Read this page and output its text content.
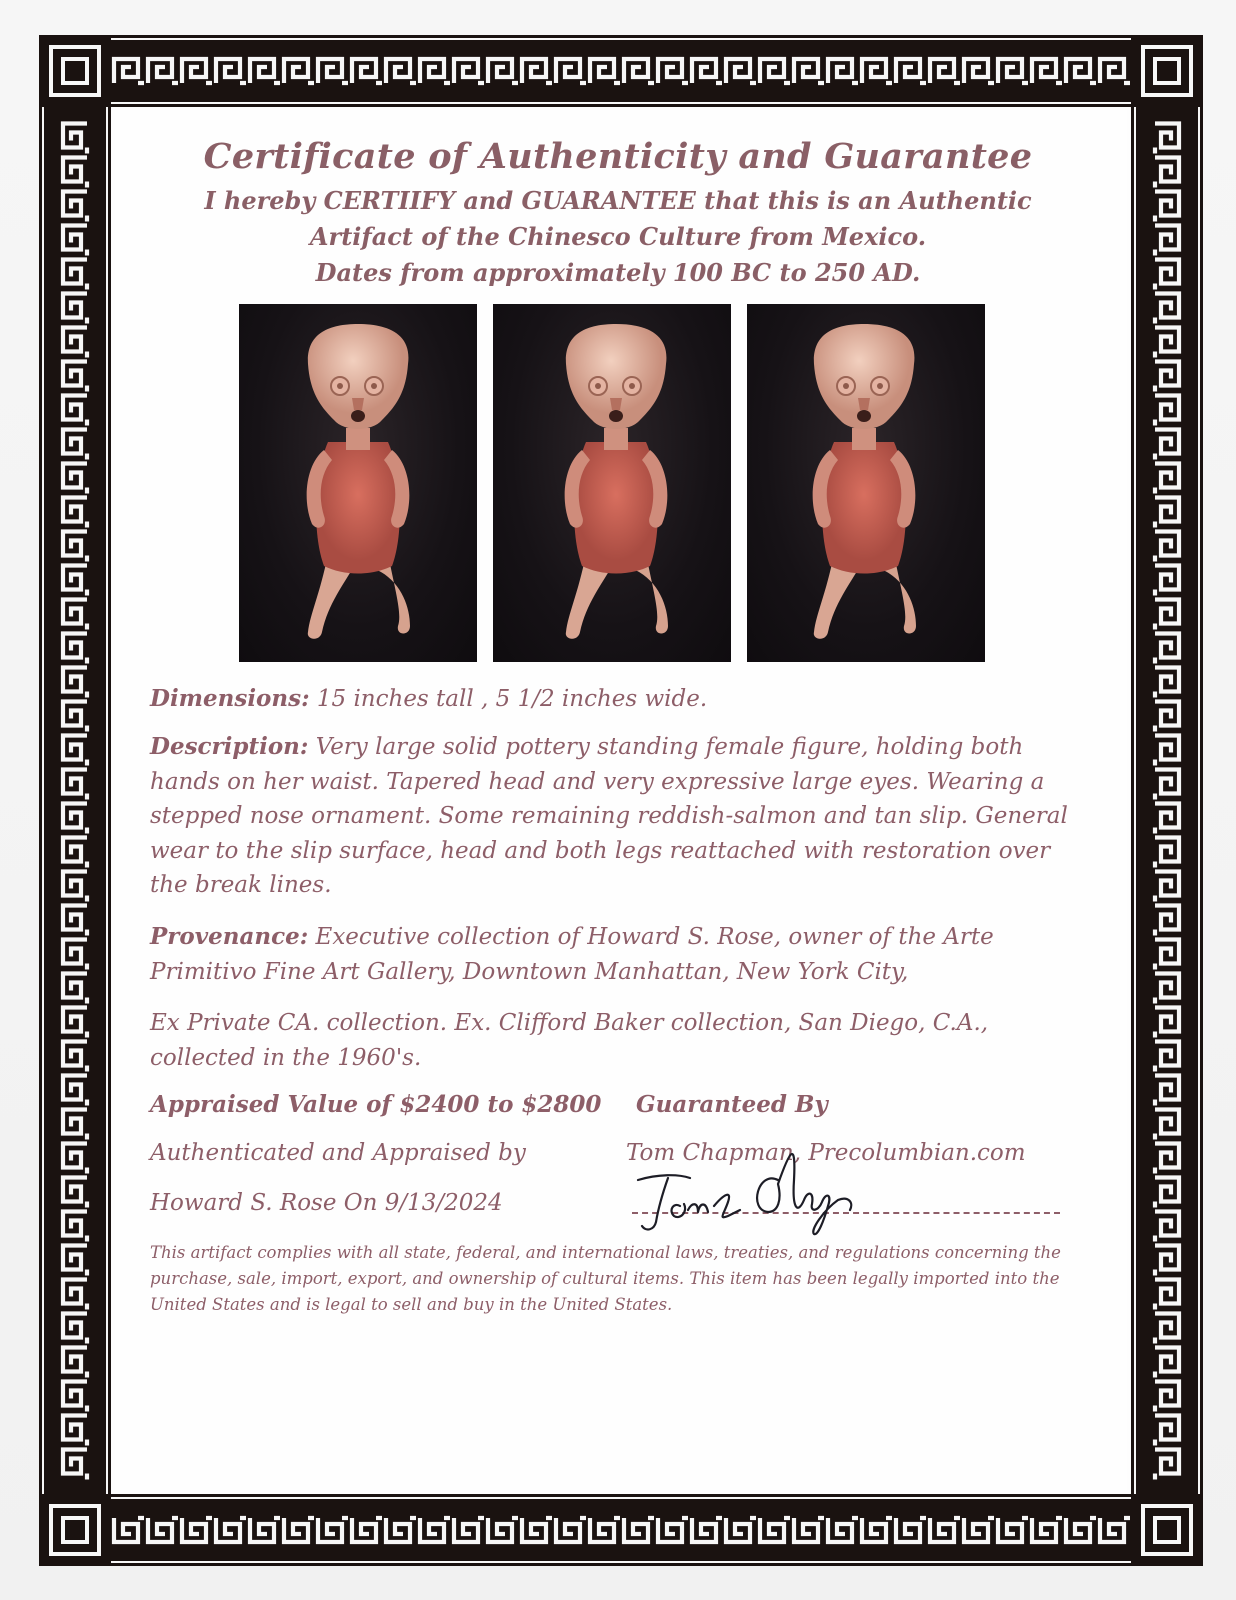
Certificate of Authenticity and Guarantee
I hereby CERTIIFY and GUARANTEE that this is an Authentic
Artifact of the Chinesco Culture from Mexico.
Dates from approximately 100 BC to 250 AD.
Dimensions: 15 inches tall , 5 1/2 inches wide.
Description: Very large solid pottery standing female figure, holding both hands on her waist. Tapered head and very expressive large eyes. Wearing a stepped nose ornament. Some remaining reddish-salmon and tan slip. General wear to the slip surface, head and both legs reattached with restoration over the break lines.
Provenance: Executive collection of Howard S. Rose, owner of the Arte Primitivo Fine Art Gallery, Downtown Manhattan, New York City,
Ex Private CA. collection. Ex. Clifford Baker collection, San Diego, C.A., collected in the 1960's.
Appraised Value of $2400 to $2800 Guaranteed By
Authenticated and Appraised by	Tom Chapman, Precolumbian.com
Howard S. Rose On 9/13/2024
This artifact complies with all state, federal, and international laws, treaties, and regulations concerning the purchase, sale, import, export, and ownership of cultural items. This item has been legally imported into the United States and is legal to sell and buy in the United States.
